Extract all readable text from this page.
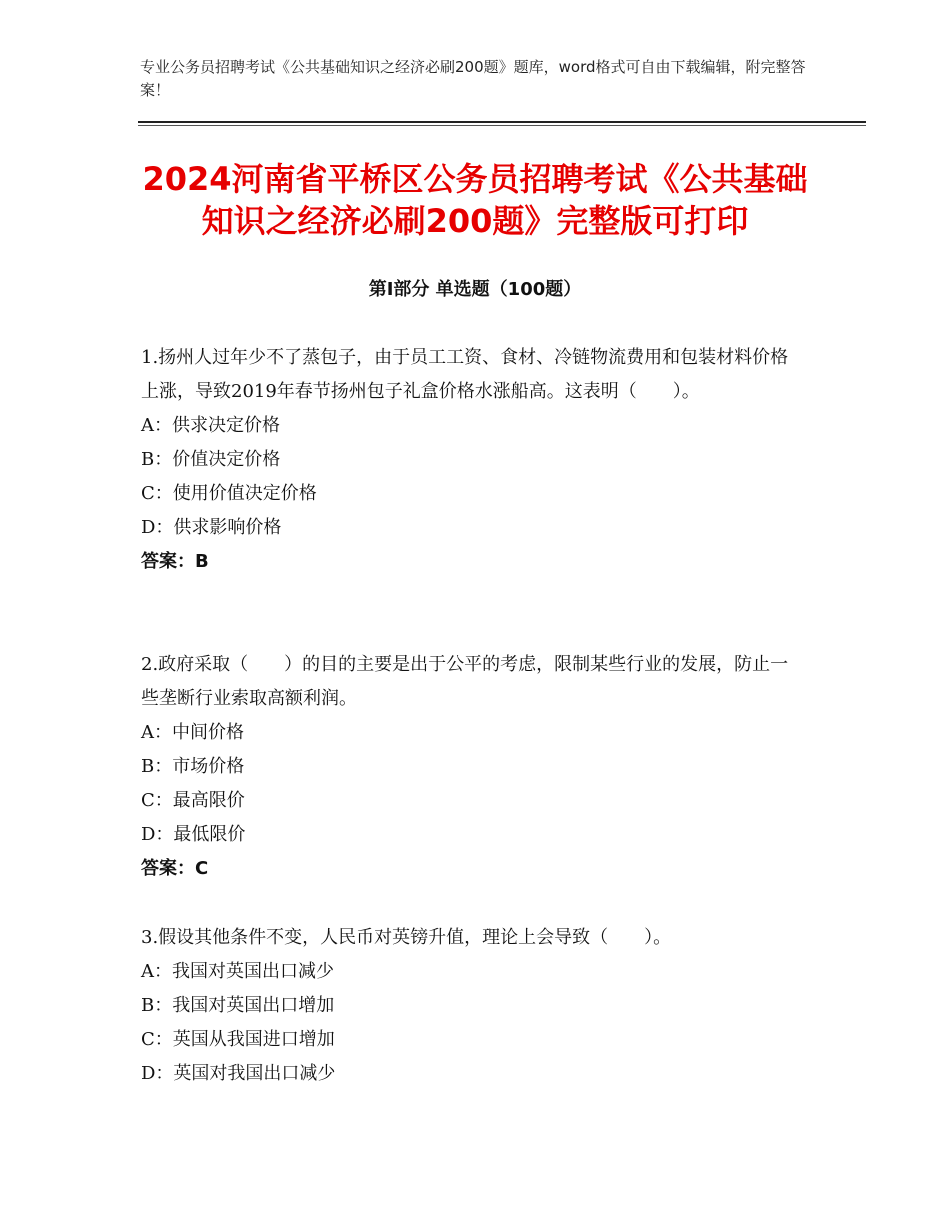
专业公务员招聘考试《公共基础知识之经济必刷200题》题库，word格式可自由下载编辑，附完整答案！
2024河南省平桥区公务员招聘考试《公共基础知识之经济必刷200题》完整版可打印
第Ⅰ部分 单选题（100题）
1.扬州人过年少不了蒸包子，由于员工工资、食材、冷链物流费用和包装材料价格上涨，导致2019年春节扬州包子礼盒价格水涨船高。这表明（　　）。
A：供求决定价格
B：价值决定价格
C：使用价值决定价格
D：供求影响价格
答案：B
2.政府采取（　　）的目的主要是出于公平的考虑，限制某些行业的发展，防止一些垄断行业索取高额利润。
A：中间价格
B：市场价格
C：最高限价
D：最低限价
答案：C
3.假设其他条件不变，人民币对英镑升值，理论上会导致（　　）。
A：我国对英国出口减少
B：我国对英国出口增加
C：英国从我国进口增加
D：英国对我国出口减少
